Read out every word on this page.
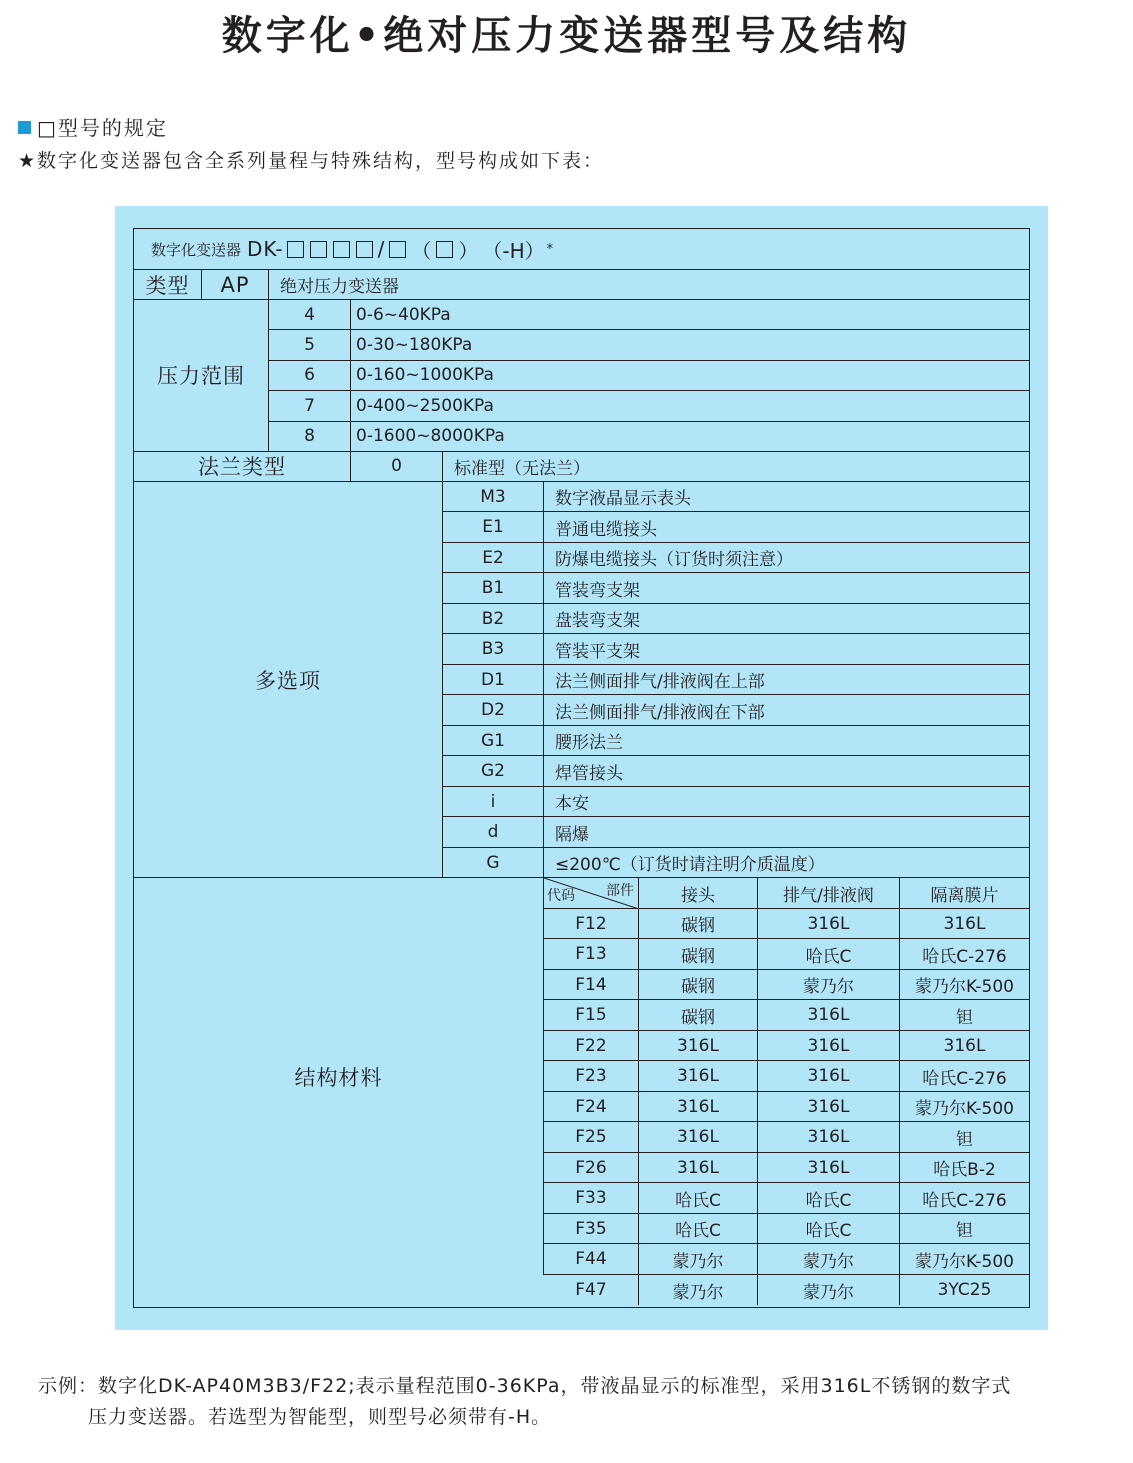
数字化•绝对压力变送器型号及结构
□型号的规定
★数字化变送器包含全系列量程与特殊结构，型号构成如下表：
数字化变送器 DK-	/ （ ） （-H） *
类型	AP	绝对压力变送器
压力范围
法兰类型	0	标准型（无法兰）
多选项
结构材料
部件
代码	接头	排气/排液阀	隔离膜片
4	0-6~40KPa
5	0-30~180KPa
6	0-160~1000KPa
7	0-400~2500KPa
8	0-1600~8000KPa
M3	数字液晶显示表头
E1	普通电缆接头
E2	防爆电缆接头（订货时须注意）
B1	管装弯支架
B2	盘装弯支架
B3	管装平支架
D1	法兰侧面排气/排液阀在上部
D2	法兰侧面排气/排液阀在下部
G1	腰形法兰
G2	焊管接头
i	本安
d	隔爆
G	≤200℃（订货时请注明介质温度）
F12	碳钢	316L	316L
F13	碳钢	哈氏C	哈氏C-276
F14	碳钢	蒙乃尔	蒙乃尔K-500
F15	碳钢	316L	钽
F22	316L	316L	316L
F23	316L	316L	哈氏C-276
F24	316L	316L	蒙乃尔K-500
F25	316L	316L	钽
F26	316L	316L	哈氏B-2
F33	哈氏C	哈氏C	哈氏C-276
F35	哈氏C	哈氏C	钽
F44	蒙乃尔	蒙乃尔	蒙乃尔K-500
F47	蒙乃尔	蒙乃尔	3YC25
示例：数字化DK-AP40M3B3/F22;表示量程范围0-36KPa，带液晶显示的标准型，采用316L不锈钢的数字式
压力变送器。若选型为智能型，则型号必须带有-H。
